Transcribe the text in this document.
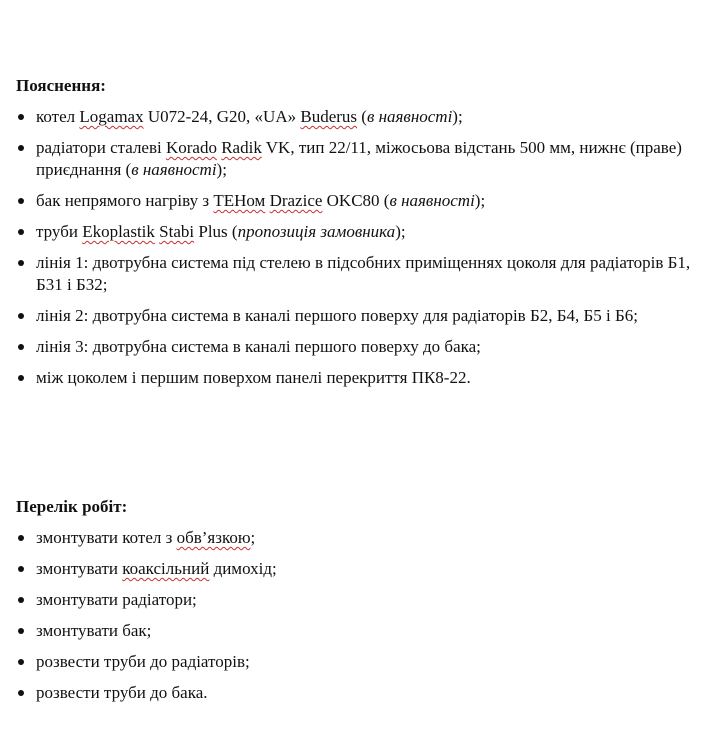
Пояснення:
котел Logamax U072-24, G20, «UA» Buderus (в наявності);
радіатори сталеві Korado Radik VK, тип 22/11, міжосьова відстань 500 мм, нижнє (праве) приєднання (в наявності);
бак непрямого нагріву з ТЕНом Drazice OKC80 (в наявності);
труби Ekoplastik Stabi Plus (пропозиція замовника);
лінія 1: двотрубна система під стелею в підсобних приміщеннях цоколя для радіаторів Б1, Б31 і Б32;
лінія 2: двотрубна система в каналі першого поверху для радіаторів Б2, Б4, Б5 і Б6;
лінія 3: двотрубна система в каналі першого поверху до бака;
між цоколем і першим поверхом панелі перекриття ПК8-22.
Перелік робіт:
змонтувати котел з обв’язкою;
змонтувати коаксільний димохід;
змонтувати радіатори;
змонтувати бак;
розвести труби до радіаторів;
розвести труби до бака.
